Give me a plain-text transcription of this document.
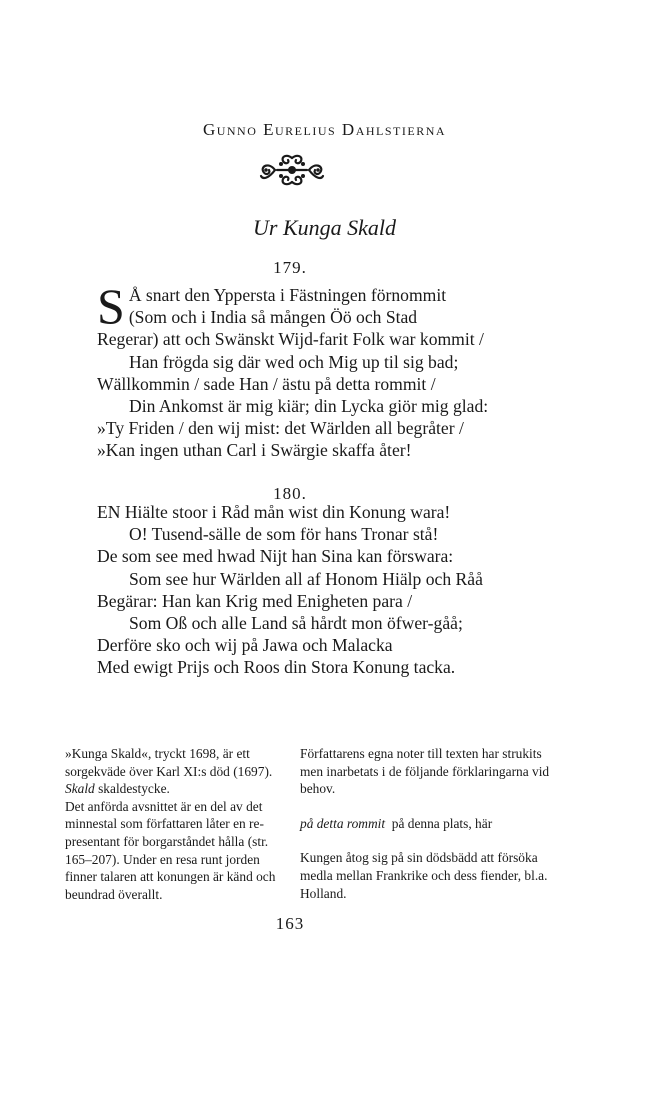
Gunno Eurelius Dahlstierna
Ur Kunga Skald
179.
S Å snart den Yppersta i Fästningen förnommit
(Som och i India så mången Öö och Stad
Regerar) att och Swänskt Wijd-farit Folk war kommit /
Han frögda sig där wed och Mig up til sig bad;
Wällkommin / sade Han / ästu på detta rommit /
Din Ankomst är mig kiär; din Lycka giör mig glad:
»Ty Friden / den wij mist: det Wärlden all begråter /
»Kan ingen uthan Carl i Swärgie skaffa åter!
180.
EN Hiälte stoor i Råd mån wist din Konung wara!
O! Tusend-sälle de som för hans Tronar stå!
De som see med hwad Nijt han Sina kan förswara:
Som see hur Wärlden all af Honom Hiälp och Råå
Begärar: Han kan Krig med Enigheten para /
Som Oß och alle Land så hårdt mon öfwer-gåå;
Derföre sko och wij på Jawa och Malacka
Med ewigt Prijs och Roos din Stora Konung tacka.

»Kunga Skald«, tryckt 1698, är ett sorgekväde över Karl XI:s död (1697).

Skald skaldestycke.

Det anförda avsnittet är en del av det minnestal som författaren låter en re-presentant för borgarståndet hålla (str. 165–207). Under en resa runt jorden finner talaren att konungen är känd och beundrad överallt.

Författarens egna noter till texten har strukits men inarbetats i de följande förklaringarna vid behov.

på detta rommit  på denna plats, här

Kungen åtog sig på sin dödsbädd att försöka medla mellan Frankrike och dess fiender, bl.a. Holland.

163
